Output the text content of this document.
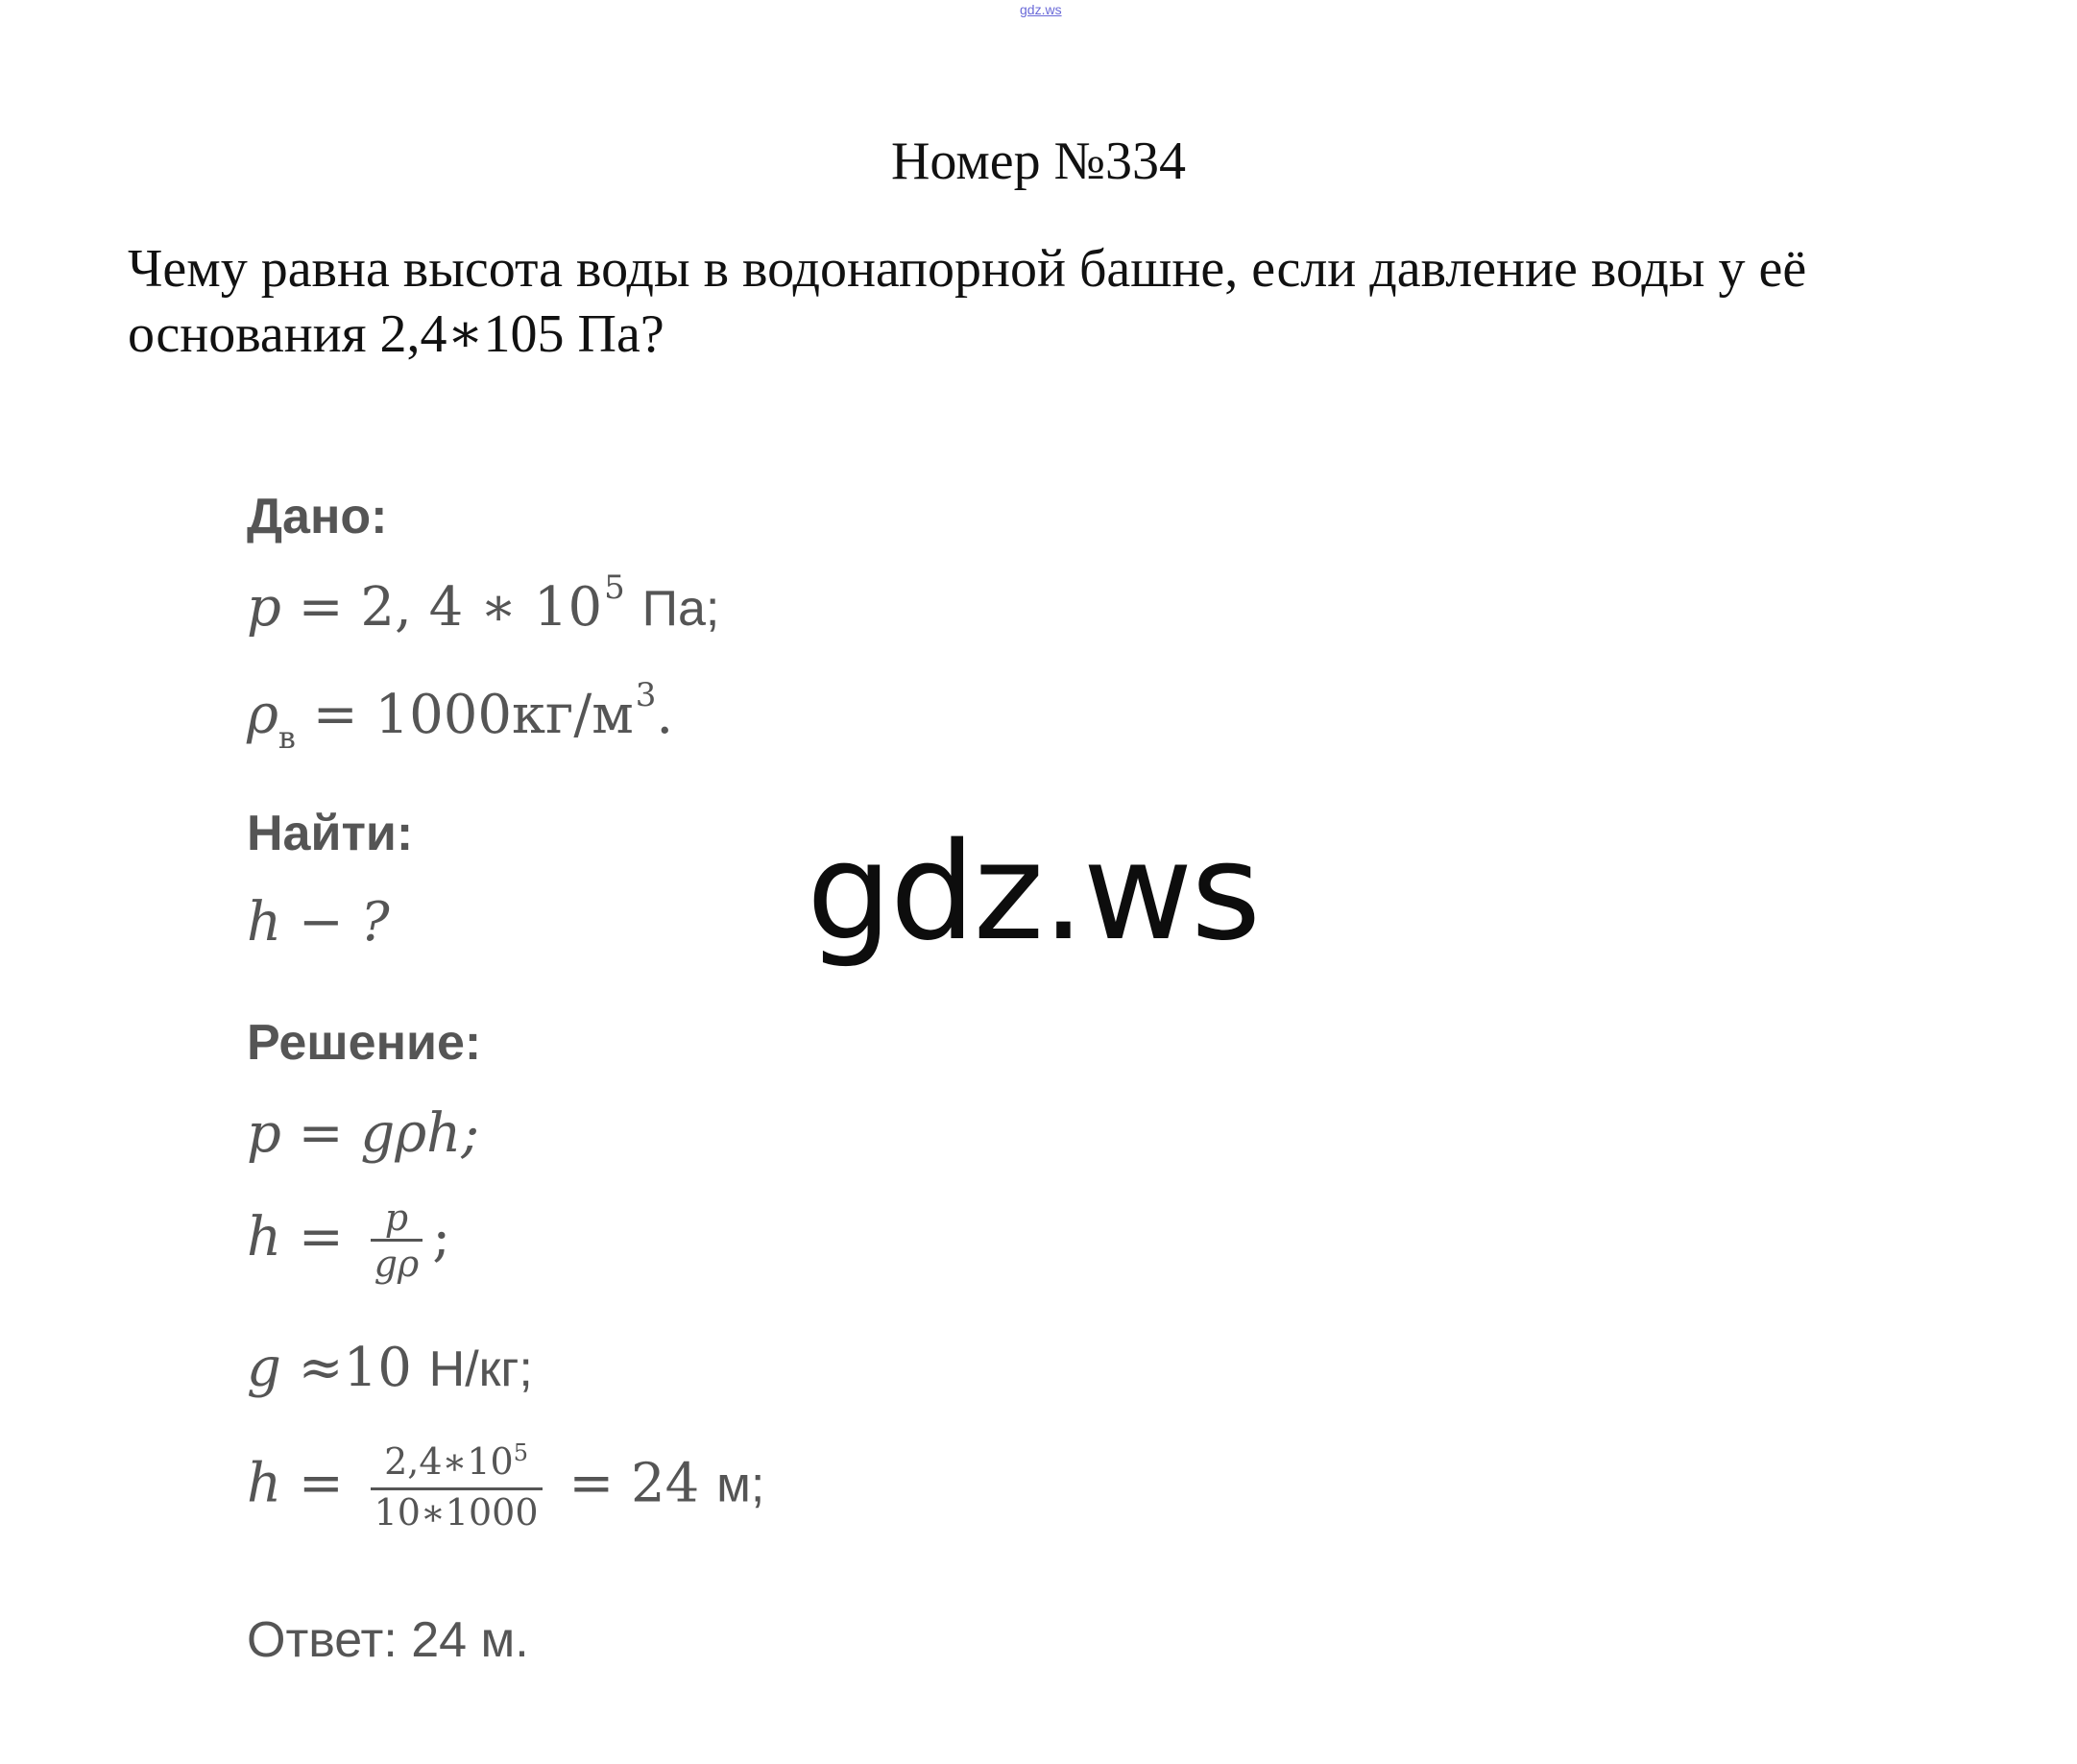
gdz.ws
Номер №334
Чему равна высота воды в водонапорной башне, если давление воды у её основания 2,4∗105 Па?
Дано:
p = 2, 4 ∗ $10^5$ Па;
$\rho_в = 1000кг/м^3$.
Найти:
h − ?
Решение:
p = gρh;
$h = \frac{p}{g\rho}$ ;
g ≈10 Н/кг;
$h = \frac{2,4∗10^5}{10∗1000} = 24$ м;
Ответ: 24 м.
gdz.ws
